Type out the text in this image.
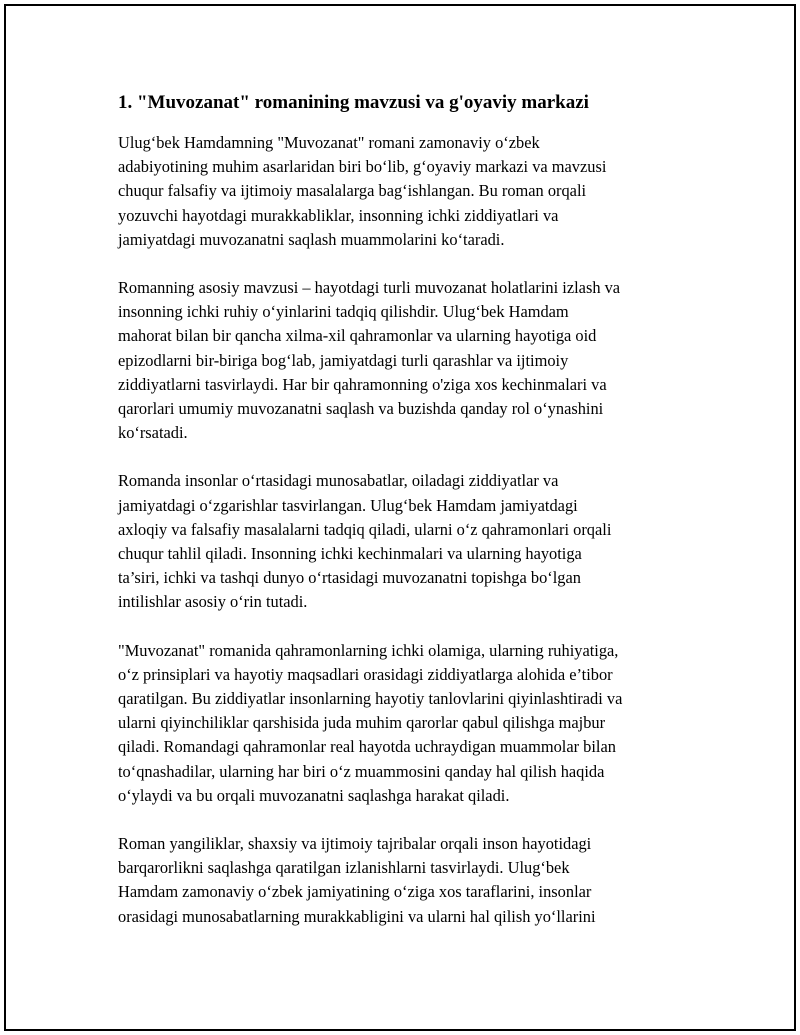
1. "Muvozanat" romanining mavzusi va g'oyaviy markazi
Ulug‘bek Hamdamning "Muvozanat" romani zamonaviy o‘zbek
adabiyotining muhim asarlaridan biri bo‘lib, g‘oyaviy markazi va mavzusi
chuqur falsafiy va ijtimoiy masalalarga bag‘ishlangan. Bu roman orqali
yozuvchi hayotdagi murakkabliklar, insonning ichki ziddiyatlari va
jamiyatdagi muvozanatni saqlash muammolarini ko‘taradi.
Romanning asosiy mavzusi – hayotdagi turli muvozanat holatlarini izlash va
insonning ichki ruhiy o‘yinlarini tadqiq qilishdir. Ulug‘bek Hamdam
mahorat bilan bir qancha xilma-xil qahramonlar va ularning hayotiga oid
epizodlarni bir-biriga bog‘lab, jamiyatdagi turli qarashlar va ijtimoiy
ziddiyatlarni tasvirlaydi. Har bir qahramonning o'ziga xos kechinmalari va
qarorlari umumiy muvozanatni saqlash va buzishda qanday rol o‘ynashini
ko‘rsatadi.
Romanda insonlar o‘rtasidagi munosabatlar, oiladagi ziddiyatlar va
jamiyatdagi o‘zgarishlar tasvirlangan. Ulug‘bek Hamdam jamiyatdagi
axloqiy va falsafiy masalalarni tadqiq qiladi, ularni o‘z qahramonlari orqali
chuqur tahlil qiladi. Insonning ichki kechinmalari va ularning hayotiga
ta’siri, ichki va tashqi dunyo o‘rtasidagi muvozanatni topishga bo‘lgan
intilishlar asosiy o‘rin tutadi.
"Muvozanat" romanida qahramonlarning ichki olamiga, ularning ruhiyatiga,
o‘z prinsiplari va hayotiy maqsadlari orasidagi ziddiyatlarga alohida e’tibor
qaratilgan. Bu ziddiyatlar insonlarning hayotiy tanlovlarini qiyinlashtiradi va
ularni qiyinchiliklar qarshisida juda muhim qarorlar qabul qilishga majbur
qiladi. Romandagi qahramonlar real hayotda uchraydigan muammolar bilan
to‘qnashadilar, ularning har biri o‘z muammosini qanday hal qilish haqida
o‘ylaydi va bu orqali muvozanatni saqlashga harakat qiladi.
Roman yangiliklar, shaxsiy va ijtimoiy tajribalar orqali inson hayotidagi
barqarorlikni saqlashga qaratilgan izlanishlarni tasvirlaydi. Ulug‘bek
Hamdam zamonaviy o‘zbek jamiyatining o‘ziga xos taraflarini, insonlar
orasidagi munosabatlarning murakkabligini va ularni hal qilish yo‘llarini
